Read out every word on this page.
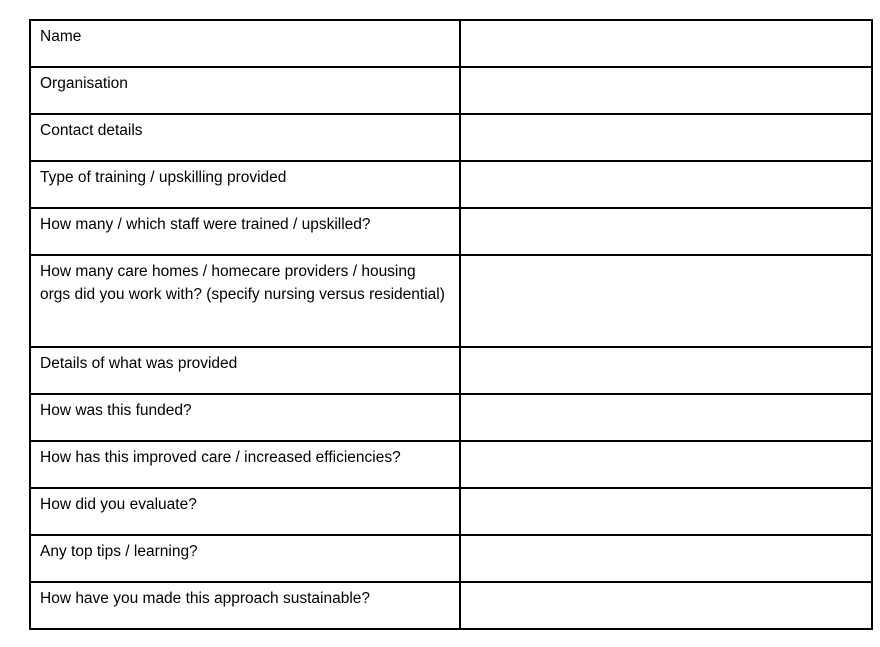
Name	
Organisation	
Contact details	
Type of training / upskilling provided	
How many / which staff were trained / upskilled?	
How many care homes / homecare providers / housing orgs did you work with? (specify nursing versus residential)	
Details of what was provided	
How was this funded?	
How has this improved care / increased efficiencies?	
How did you evaluate?	
Any top tips / learning?	
How have you made this approach sustainable?	
